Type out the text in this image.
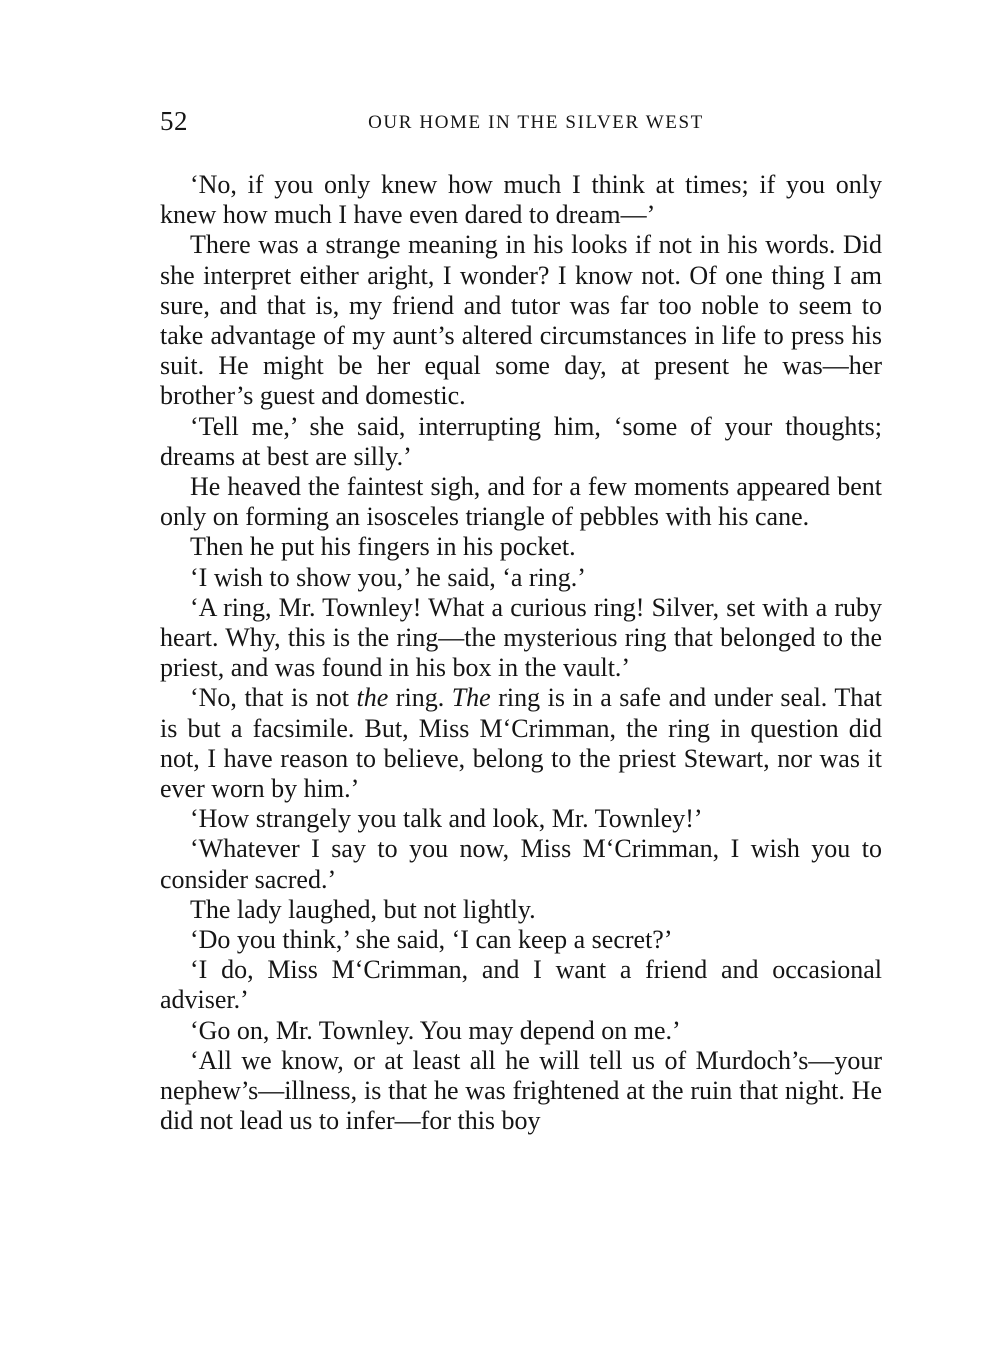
52	OUR HOME IN THE SILVER WEST

‘No, if you only knew how much I think at times; if you only knew how much I have even dared to dream—’

There was a strange meaning in his looks if not in his words. Did she interpret either aright, I wonder? I know not. Of one thing I am sure, and that is, my friend and tutor was far too noble to seem to take advantage of my aunt’s altered circumstances in life to press his suit. He might be her equal some day, at present he was—her brother’s guest and domestic.

‘Tell me,’ she said, interrupting him, ‘some of your thoughts; dreams at best are silly.’

He heaved the faintest sigh, and for a few moments appeared bent only on forming an isosceles triangle of pebbles with his cane.

Then he put his fingers in his pocket.

‘I wish to show you,’ he said, ‘a ring.’

‘A ring, Mr. Townley! What a curious ring! Silver, set with a ruby heart. Why, this is the ring—the mysterious ring that belonged to the priest, and was found in his box in the vault.’

‘No, that is not the ring. The ring is in a safe and under seal. That is but a facsimile. But, Miss M‘Crimman, the ring in question did not, I have reason to believe, belong to the priest Stewart, nor was it ever worn by him.’

‘How strangely you talk and look, Mr. Townley!’

‘Whatever I say to you now, Miss M‘Crimman, I wish you to consider sacred.’

The lady laughed, but not lightly.

‘Do you think,’ she said, ‘I can keep a secret?’

‘I do, Miss M‘Crimman, and I want a friend and occasional adviser.’

‘Go on, Mr. Townley. You may depend on me.’

‘All we know, or at least all he will tell us of Murdoch’s—your nephew’s—illness, is that he was frightened at the ruin that night. He did not lead us to infer—for this boy
